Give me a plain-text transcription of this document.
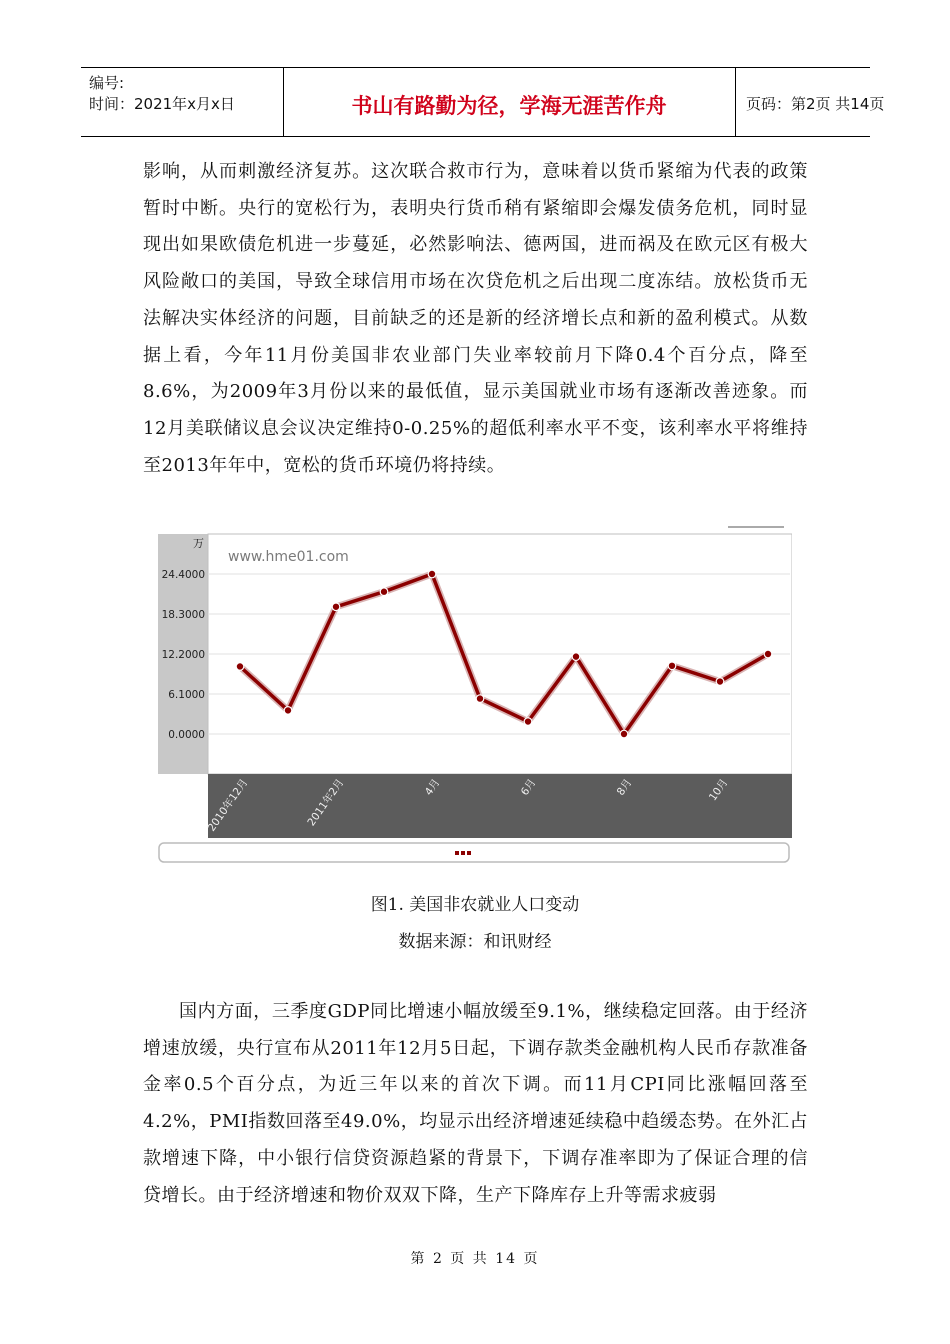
编号:
时间：2021年x月x日	书山有路勤为径，学海无涯苦作舟	页码：第2页 共14页
影响，从而刺激经济复苏。这次联合救市行为，意味着以货币紧缩为代表的政策暂时中断。央行的宽松行为，表明央行货币稍有紧缩即会爆发债务危机，同时显现出如果欧债危机进一步蔓延，必然影响法、德两国，进而祸及在欧元区有极大风险敞口的美国，导致全球信用市场在次贷危机之后出现二度冻结。放松货币无法解决实体经济的问题，目前缺乏的还是新的经济增长点和新的盈利模式。从数据上看，今年11月份美国非农业部门失业率较前月下降0.4个百分点，降至8.6%，为2009年3月份以来的最低值，显示美国就业市场有逐渐改善迹象。而12月美联储议息会议决定维持0-0.25%的超低利率水平不变，该利率水平将维持至2013年年中，宽松的货币环境仍将持续。
万
www.hme01.com
24.4000
18.3000
12.2000
6.1000
0.0000
2010年12月	2011年2月	4月	6月	8月	10月
图1. 美国非农就业人口变动
数据来源：和讯财经
国内方面，三季度GDP同比增速小幅放缓至9.1%，继续稳定回落。由于经济增速放缓，央行宣布从2011年12月5日起，下调存款类金融机构人民币存款准备金率0.5个百分点，为近三年以来的首次下调。而11月CPI同比涨幅回落至4.2%，PMI指数回落至49.0%，均显示出经济增速延续稳中趋缓态势。在外汇占款增速下降，中小银行信贷资源趋紧的背景下，下调存准率即为了保证合理的信贷增长。由于经济增速和物价双双下降，生产下降库存上升等需求疲弱
第 2 页 共 14 页
